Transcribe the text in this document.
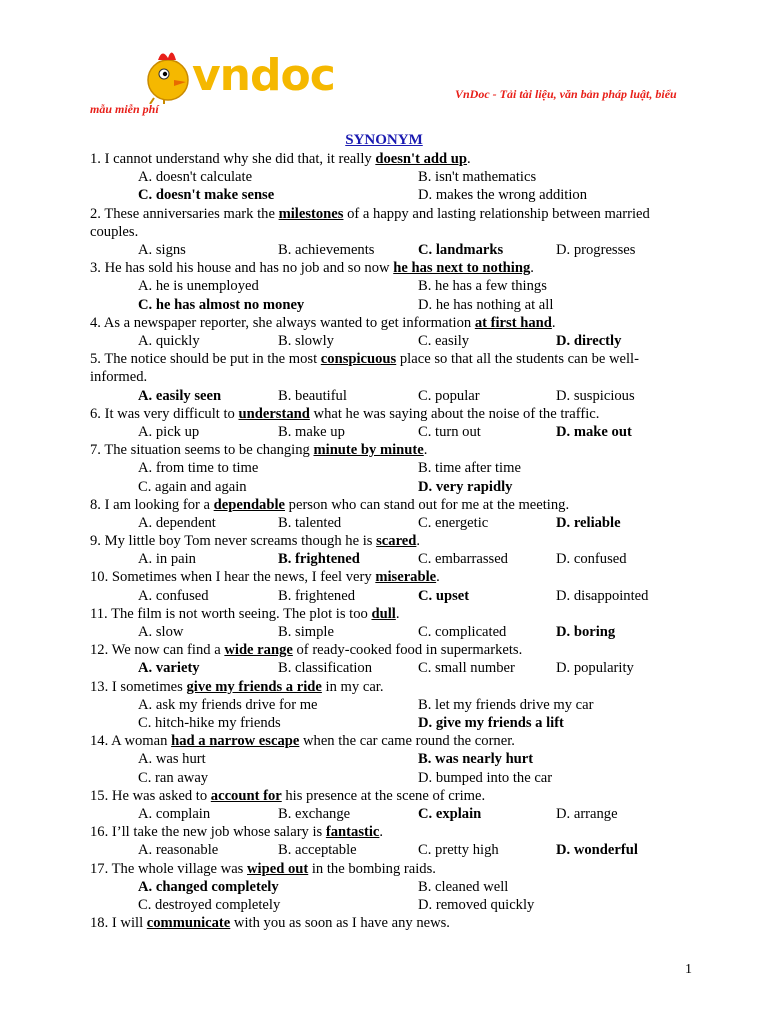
vndoc	VnDoc - Tải tài liệu, văn bản pháp luật, biểu
mẫu miễn phí
SYNONYM
1. I cannot understand why she did that, it really doesn't add up.
A. doesn't calculate	B. isn't mathematics
C. doesn't make sense	D. makes the wrong addition
2. These anniversaries mark the milestones of a happy and lasting relationship between married couples.
A. signs	B. achievements	C. landmarks	D. progresses
3. He has sold his house and has no job and so now he has next to nothing.
A. he is unemployed	B. he has a few things
C. he has almost no money	D. he has nothing at all
4. As a newspaper reporter, she always wanted to get information at first hand.
A. quickly	B. slowly	C. easily	D. directly
5. The notice should be put in the most conspicuous place so that all the students can be well-informed.
A. easily seen	B. beautiful	C. popular	D. suspicious
6. It was very difficult to understand what he was saying about the noise of the traffic.
A. pick up	B. make up	C. turn out	D. make out
7. The situation seems to be changing minute by minute.
A. from time to time	B. time after time
C. again and again	D. very rapidly
8. I am looking for a dependable person who can stand out for me at the meeting.
A. dependent	B. talented	C. energetic	D. reliable
9. My little boy Tom never screams though he is scared.
A. in pain	B. frightened	C. embarrassed	D. confused
10. Sometimes when I hear the news, I feel very miserable.
A. confused	B. frightened	C. upset	D. disappointed
11. The film is not worth seeing. The plot is too dull.
A. slow	B. simple	C. complicated	D. boring
12. We now can find a wide range of ready-cooked food in supermarkets.
A. variety	B. classification	C. small number	D. popularity
13. I sometimes give my friends a ride in my car.
A. ask my friends drive for me	B. let my friends drive my car
C. hitch-hike my friends	D. give my friends a lift
14. A woman had a narrow escape when the car came round the corner.
A. was hurt	B. was nearly hurt
C. ran away	D. bumped into the car
15. He was asked to account for his presence at the scene of crime.
A. complain	B. exchange	C. explain	D. arrange
16. I’ll take the new job whose salary is fantastic.
A. reasonable	B. acceptable	C. pretty high	D. wonderful
17. The whole village was wiped out in the bombing raids.
A. changed completely	B. cleaned well
C. destroyed completely	D. removed quickly
18. I will communicate with you as soon as I have any news.
1
